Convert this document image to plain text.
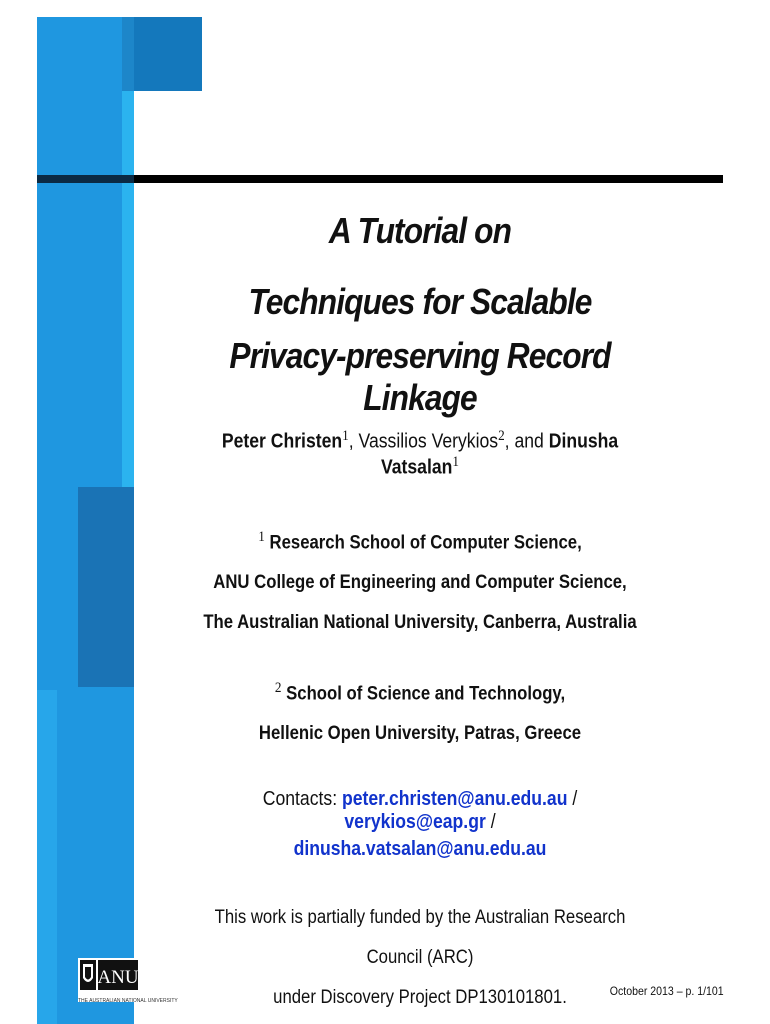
A Tutorial on
Techniques for Scalable
Privacy-preserving Record Linkage
Peter Christen$^1$, Vassilios Verykios$^2$, and Dinusha Vatsalan$^1$
$^1$ Research School of Computer Science,
ANU College of Engineering and Computer Science,
The Australian National University, Canberra, Australia
$^2$ School of Science and Technology,
Hellenic Open University, Patras, Greece
Contacts: peter.christen@anu.edu.au / verykios@eap.gr /
dinusha.vatsalan@anu.edu.au
This work is partially funded by the Australian Research Council (ARC)
under Discovery Project DP130101801.
ANU
THE AUSTRALIAN NATIONAL UNIVERSITY
October 2013 – p. 1/101
